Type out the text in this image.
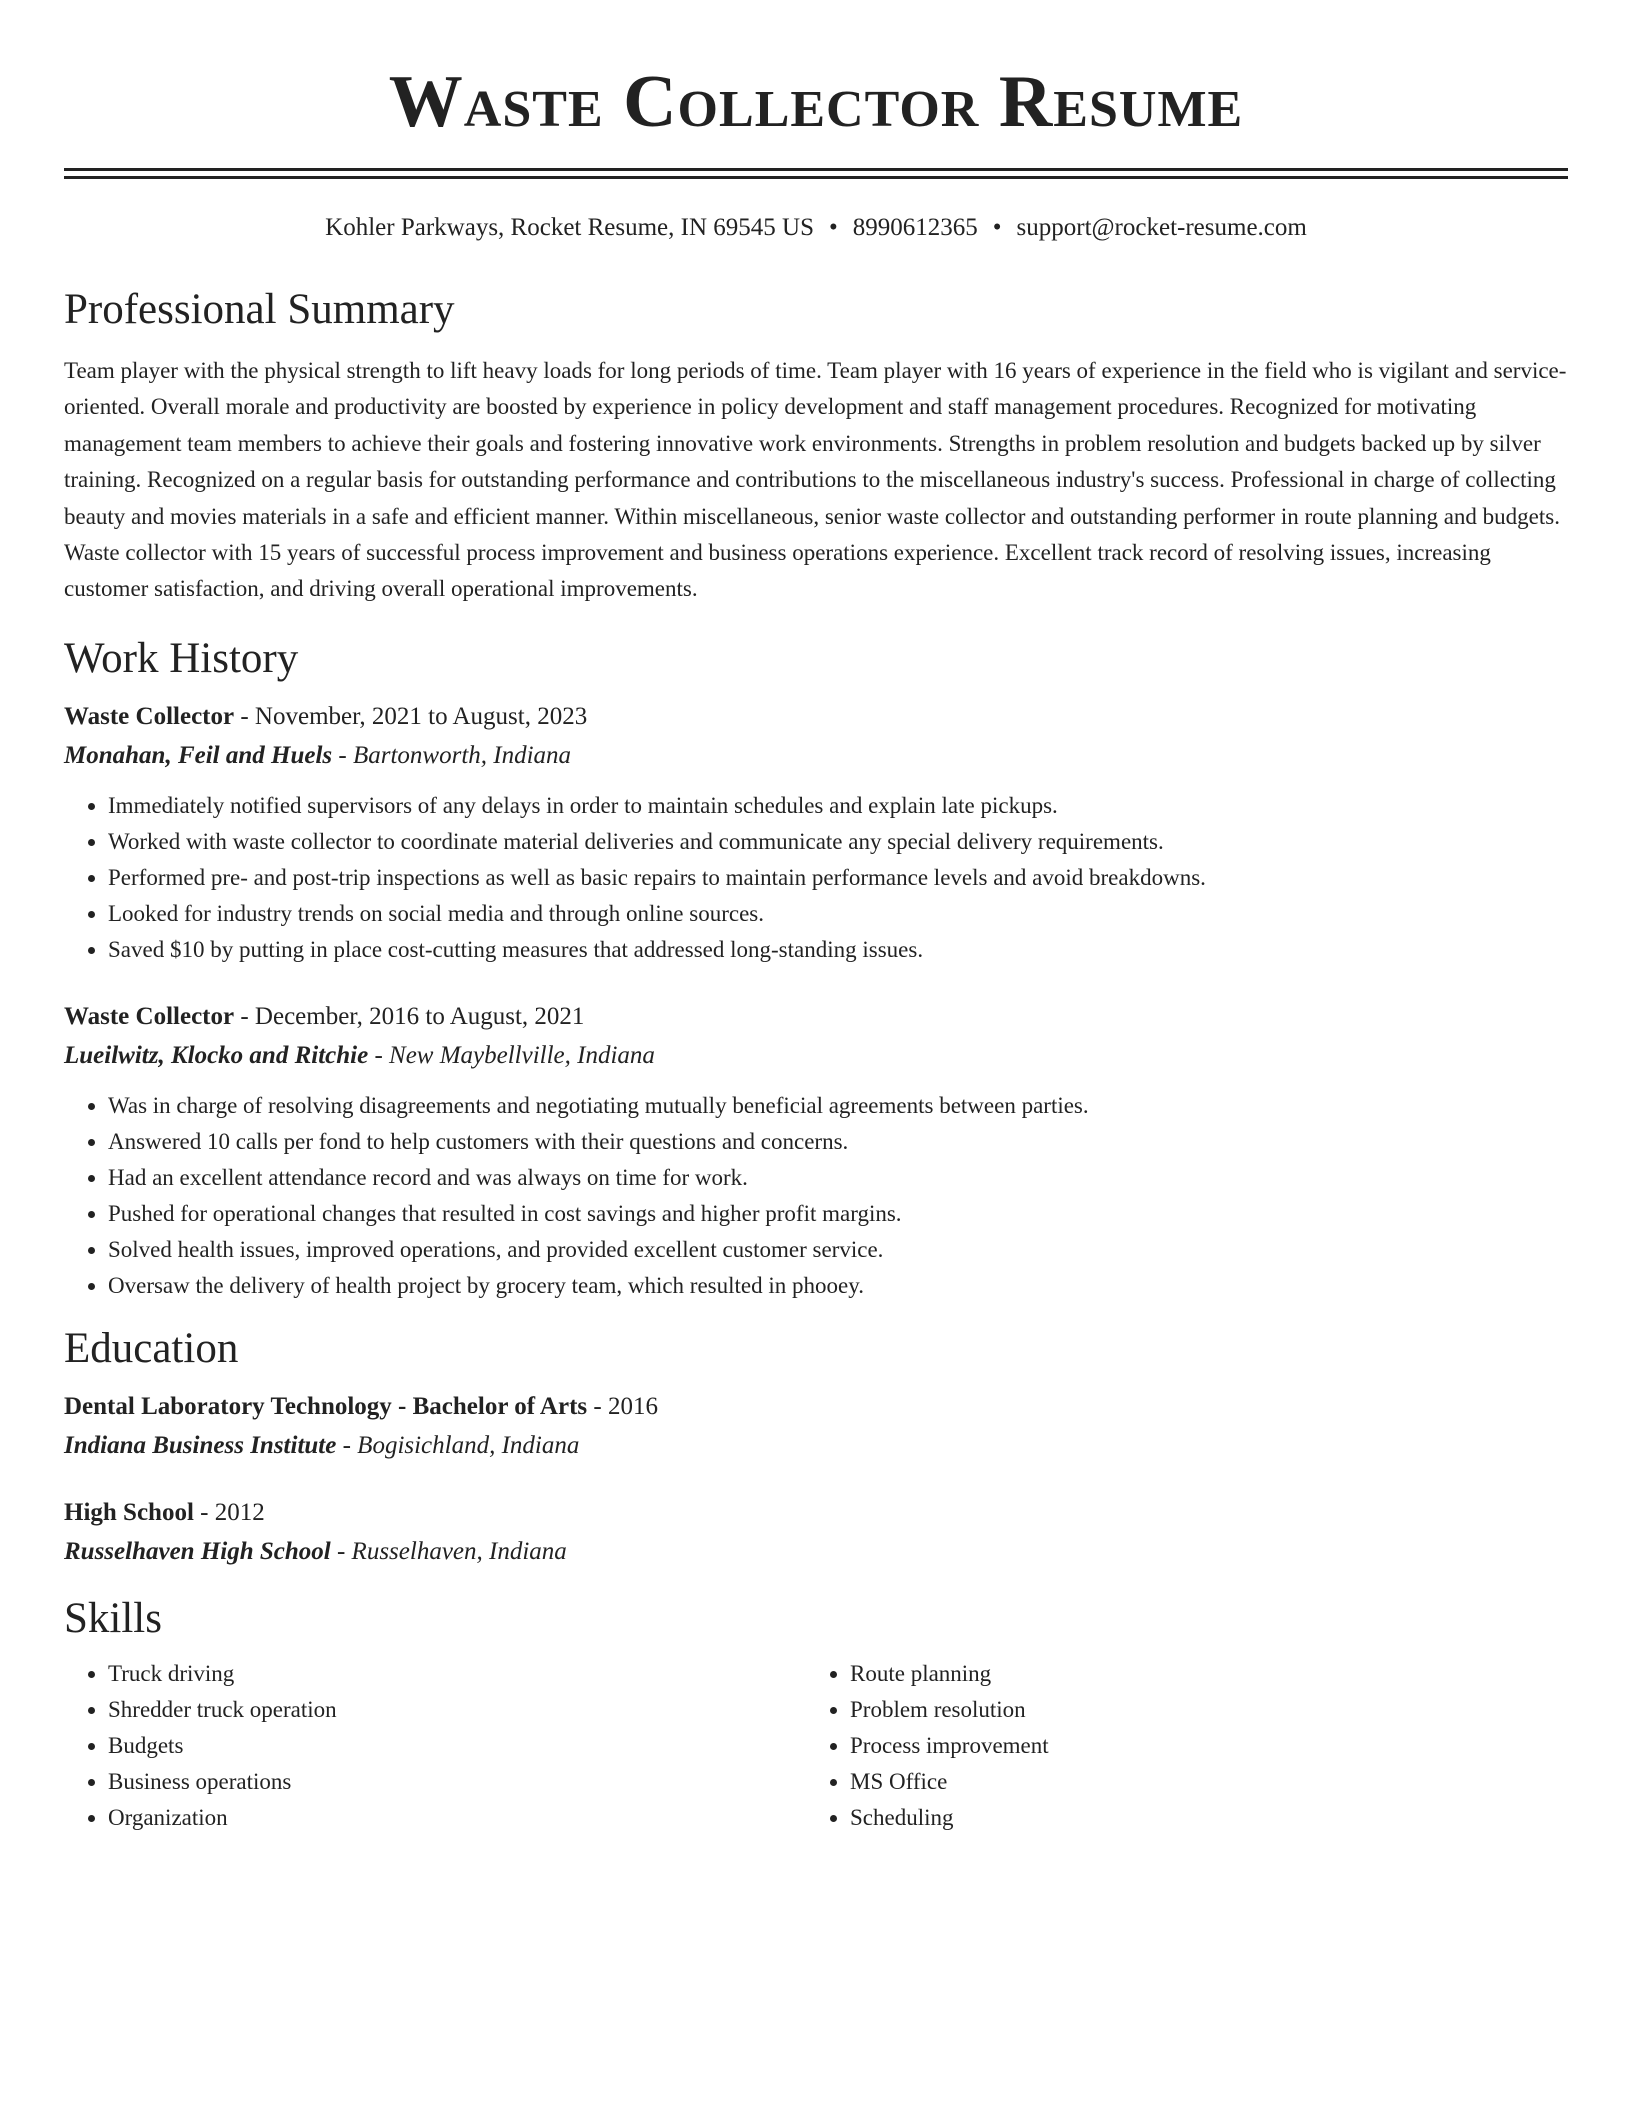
Waste Collector Resume
Kohler Parkways, Rocket Resume, IN 69545 US • 8990612365 • support@rocket-resume.com
Professional Summary

Team player with the physical strength to lift heavy loads for long periods of time. Team player with 16 years of experience in the field who is vigilant and service-oriented. Overall morale and productivity are boosted by experience in policy development and staff management procedures. Recognized for motivating management team members to achieve their goals and fostering innovative work environments. Strengths in problem resolution and budgets backed up by silver training. Recognized on a regular basis for outstanding performance and contributions to the miscellaneous industry's success. Professional in charge of collecting beauty and movies materials in a safe and efficient manner. Within miscellaneous, senior waste collector and outstanding performer in route planning and budgets. Waste collector with 15 years of successful process improvement and business operations experience. Excellent track record of resolving issues, increasing customer satisfaction, and driving overall operational improvements.

Work History
Waste Collector - November, 2021 to August, 2023
Monahan, Feil and Huels - Bartonworth, Indiana
• Immediately notified supervisors of any delays in order to maintain schedules and explain late pickups.
• Worked with waste collector to coordinate material deliveries and communicate any special delivery requirements.
• Performed pre- and post-trip inspections as well as basic repairs to maintain performance levels and avoid breakdowns.
• Looked for industry trends on social media and through online sources.
• Saved $10 by putting in place cost-cutting measures that addressed long-standing issues.
Waste Collector - December, 2016 to August, 2021
Lueilwitz, Klocko and Ritchie - New Maybellville, Indiana
• Was in charge of resolving disagreements and negotiating mutually beneficial agreements between parties.
• Answered 10 calls per fond to help customers with their questions and concerns.
• Had an excellent attendance record and was always on time for work.
• Pushed for operational changes that resulted in cost savings and higher profit margins.
• Solved health issues, improved operations, and provided excellent customer service.
• Oversaw the delivery of health project by grocery team, which resulted in phooey.
Education
Dental Laboratory Technology - Bachelor of Arts - 2016
Indiana Business Institute - Bogisichland, Indiana
High School - 2012
Russelhaven High School - Russelhaven, Indiana
Skills
• Truck driving
• Shredder truck operation
• Budgets
• Business operations
• Organization
• Route planning
• Problem resolution
• Process improvement
• MS Office
• Scheduling
